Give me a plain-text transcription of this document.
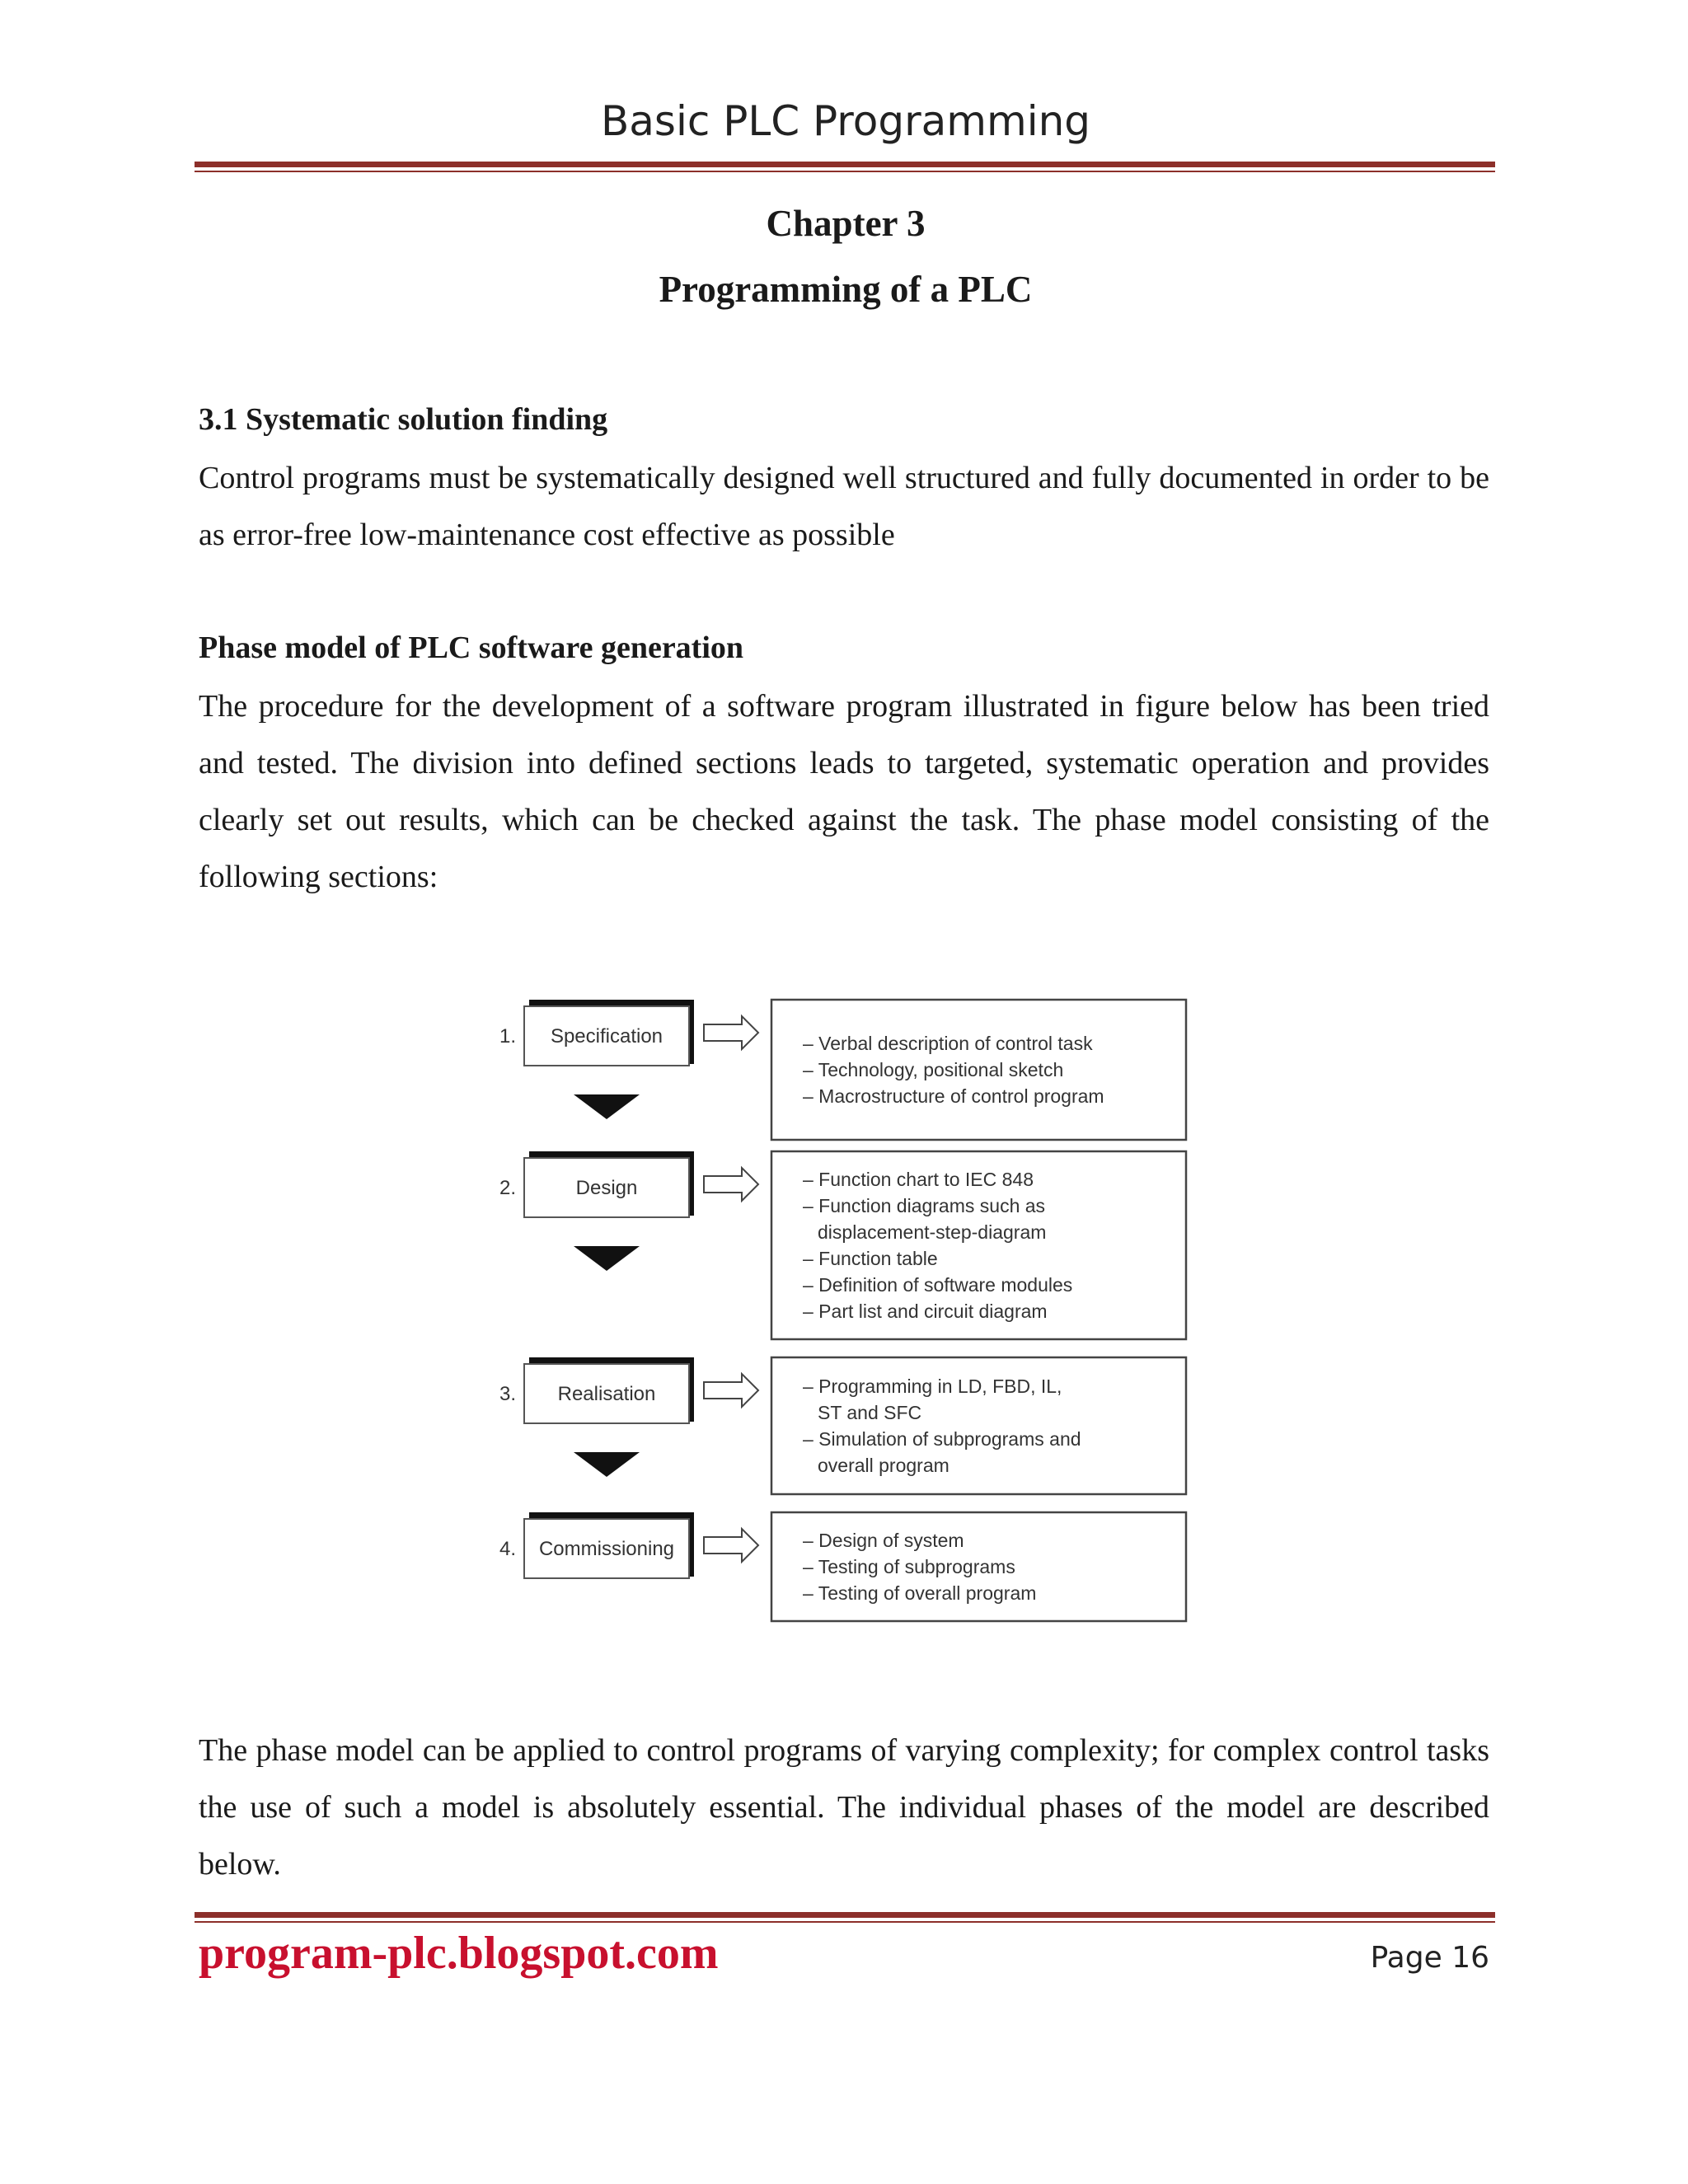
Basic PLC Programming
Chapter 3
Programming of a PLC
3.1 Systematic solution finding
Control programs must be systematically designed well structured and fully documented in order to be as error-free low-maintenance cost effective as possible
Phase model of PLC software generation
The procedure for the development of a software program illustrated in figure below has been tried and tested. The division into defined sections leads to targeted, systematic operation and provides clearly set out results, which can be checked against the task. The phase model consisting of the following sections:
1. Specification	– Verbal description of control task
– Technology, positional sketch
– Macrostructure of control program
2.	Design	– Function chart to IEC 848
– Function diagrams such as
displacement-step-diagram
– Function table
– Definition of software modules
– Part list and circuit diagram
3. Realisation	– Programming in LD, FBD, IL,
ST and SFC
– Simulation of subprograms and
overall program
4. Commissioning	– Design of system
– Testing of subprograms
– Testing of overall program
The phase model can be applied to control programs of varying complexity; for complex control tasks the use of such a model is absolutely essential. The individual phases of the model are described below.
program-plc.blogspot.com	Page 16
